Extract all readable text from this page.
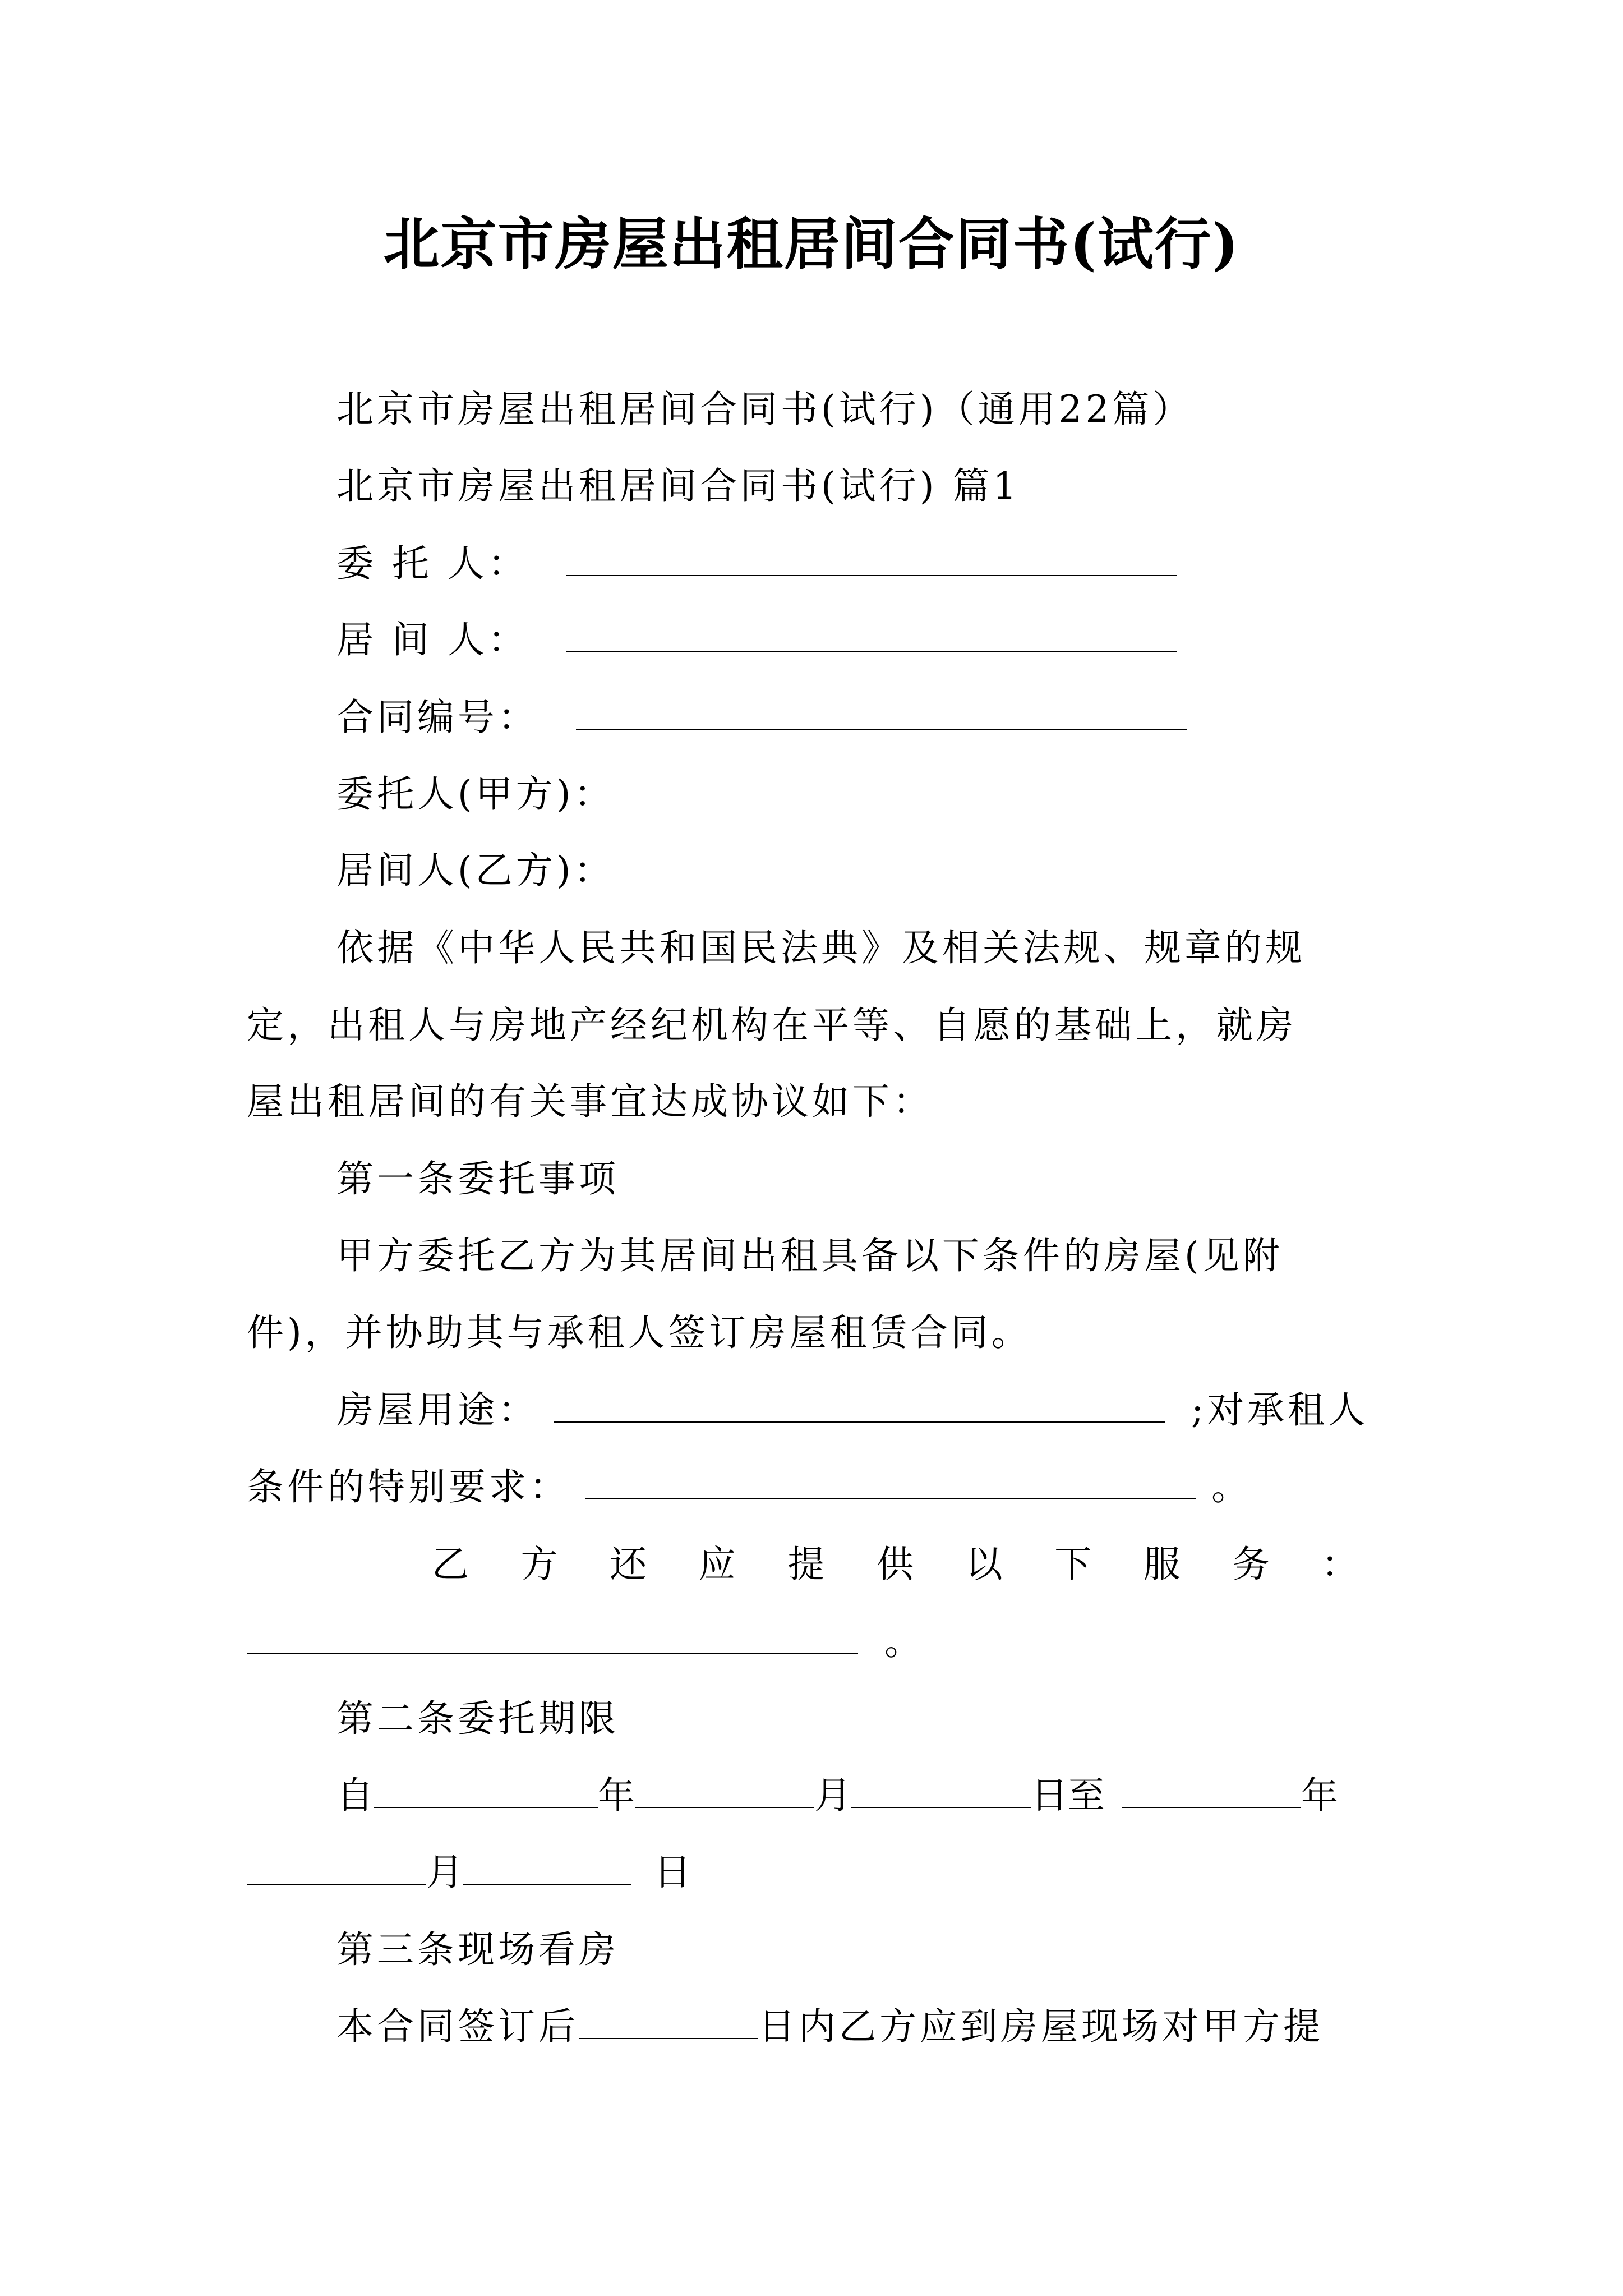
北京市房屋出租居间合同书(试行)
北京市房屋出租居间合同书(试行)（通用22篇）
北京市房屋出租居间合同书(试行) 篇1
委 托 人：
居 间 人：
合同编号：
委托人(甲方)：
居间人(乙方)：
依据《中华人民共和国民法典》及相关法规、规章的规
定，出租人与房地产经纪机构在平等、自愿的基础上，就房
屋出租居间的有关事宜达成协议如下：
第一条委托事项
甲方委托乙方为其居间出租具备以下条件的房屋(见附
件)，并协助其与承租人签订房屋租赁合同。
房屋用途：	;对承租人
条件的特别要求：	。
乙 方 还 应 提 供 以 下 服 务 ：
。
第二条委托期限
自	年	月	日至	年
月	日
第三条现场看房
本合同签订后	日内乙方应到房屋现场对甲方提
